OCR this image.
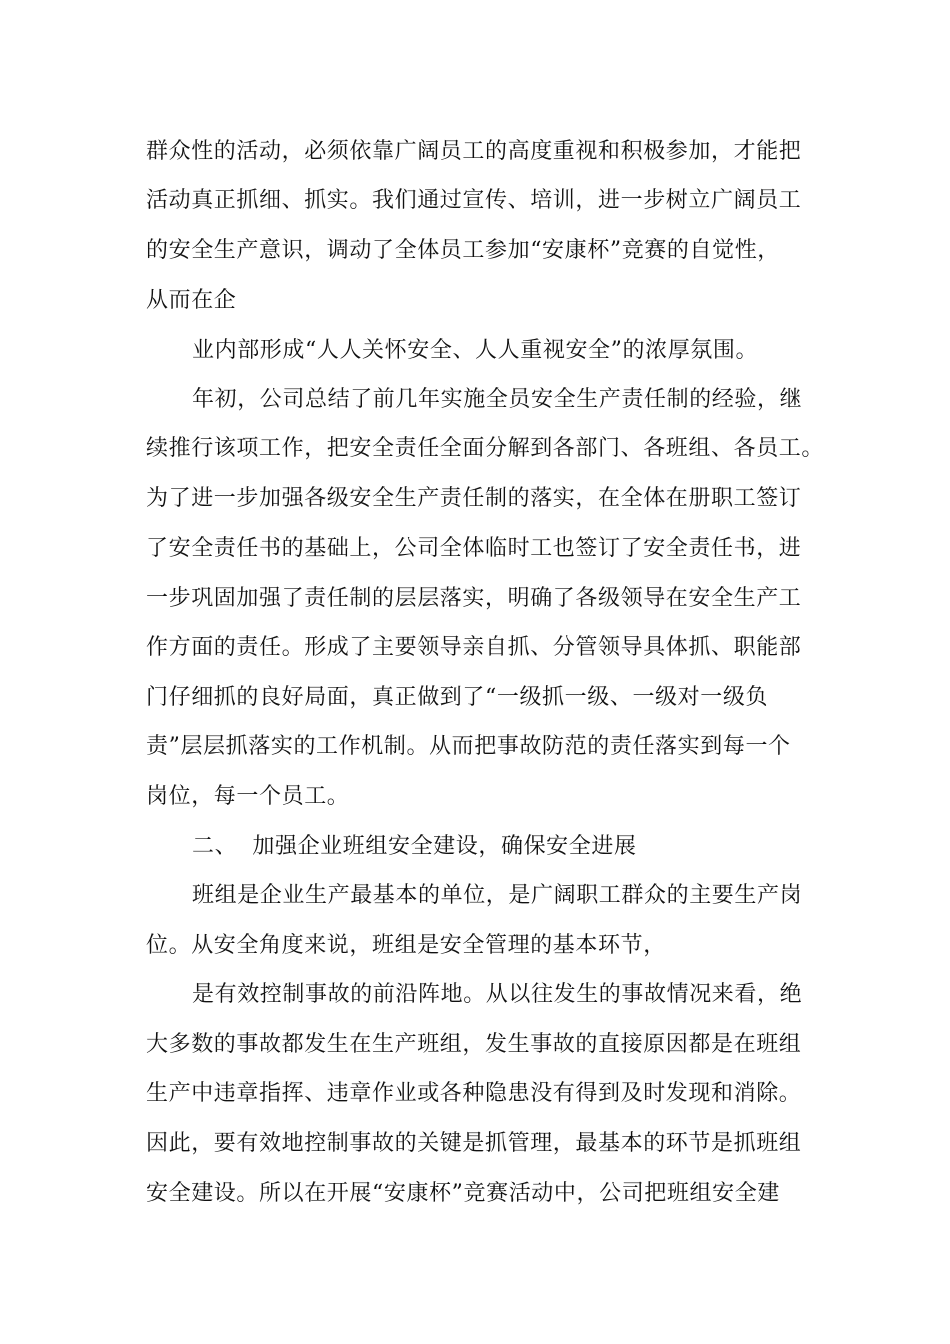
群众性的活动，必须依靠广阔员工的高度重视和积极参加，才能把
活动真正抓细、抓实。我们通过宣传、培训，进一步树立广阔员工
的安全生产意识，调动了全体员工参加“安康杯”竞赛的自觉性，
从而在企
业内部形成“人人关怀安全、人人重视安全”的浓厚氛围。
年初，公司总结了前几年实施全员安全生产责任制的经验，继
续推行该项工作，把安全责任全面分解到各部门、各班组、各员工。
为了进一步加强各级安全生产责任制的落实，在全体在册职工签订
了安全责任书的基础上，公司全体临时工也签订了安全责任书，进
一步巩固加强了责任制的层层落实，明确了各级领导在安全生产工
作方面的责任。形成了主要领导亲自抓、分管领导具体抓、职能部
门仔细抓的良好局面，真正做到了“一级抓一级、一级对一级负
责”层层抓落实的工作机制。从而把事故防范的责任落实到每一个
岗位，每一个员工。
二、  加强企业班组安全建设，确保安全进展
班组是企业生产最基本的单位，是广阔职工群众的主要生产岗
位。从安全角度来说，班组是安全管理的基本环节，
是有效控制事故的前沿阵地。从以往发生的事故情况来看，绝
大多数的事故都发生在生产班组，发生事故的直接原因都是在班组
生产中违章指挥、违章作业或各种隐患没有得到及时发现和消除。
因此，要有效地控制事故的关键是抓管理，最基本的环节是抓班组
安全建设。所以在开展“安康杯”竞赛活动中，公司把班组安全建
